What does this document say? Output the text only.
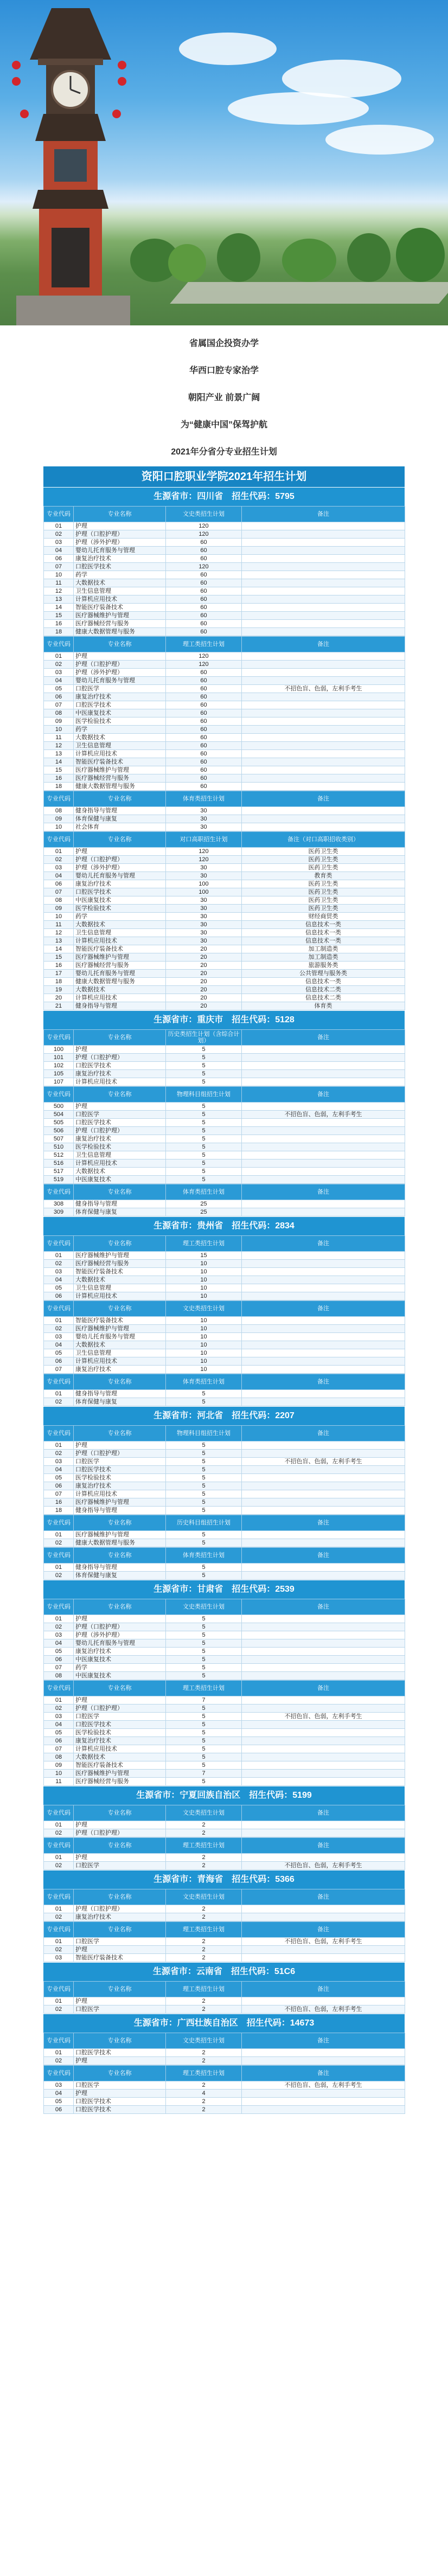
省属国企投资办学
华西口腔专家治学
朝阳产业 前景广阔
为“健康中国”保驾护航
2021年分省分专业招生计划
资阳口腔职业学院2021年招生计划
生源省市：四川省　招生代码：5795
专业代码	专业名称	文史类招生计划	备注
01	护理	120	
02	护理（口腔护理）	120	
03	护理（涉外护理）	60	
04	婴幼儿托育服务与管理	60	
06	康复治疗技术	60	
07	口腔医学技术	120	
10	药学	60	
11	大数据技术	60	
12	卫生信息管理	60	
13	计算机应用技术	60	
14	智能医疗装备技术	60	
15	医疗器械维护与管理	60	
16	医疗器械经营与服务	60	
18	健康大数据管理与服务	60	
专业代码	专业名称	理工类招生计划	备注
01	护理	120	
02	护理（口腔护理）	120	
03	护理（涉外护理）	60	
04	婴幼儿托育服务与管理	60	
05	口腔医学	60	不招色盲、色弱，左利手考生
06	康复治疗技术	60	
07	口腔医学技术	60	
08	中医康复技术	60	
09	医学检验技术	60	
10	药学	60	
11	大数据技术	60	
12	卫生信息管理	60	
13	计算机应用技术	60	
14	智能医疗装备技术	60	
15	医疗器械维护与管理	60	
16	医疗器械经营与服务	60	
18	健康大数据管理与服务	60	
专业代码	专业名称	体育类招生计划	备注
08	健身指导与管理	30	
09	体育保健与康复	30	
10	社会体育	30	
专业代码	专业名称	对口高职招生计划	备注（对口高职招收类别）
01	护理	120	医药卫生类
02	护理（口腔护理）	120	医药卫生类
03	护理（涉外护理）	30	医药卫生类
04	婴幼儿托育服务与管理	30	教育类
06	康复治疗技术	100	医药卫生类
07	口腔医学技术	100	医药卫生类
08	中医康复技术	30	医药卫生类
09	医学检验技术	30	医药卫生类
10	药学	30	财经商贸类
11	大数据技术	30	信息技术一类
12	卫生信息管理	30	信息技术一类
13	计算机应用技术	30	信息技术一类
14	智能医疗装备技术	20	加工制造类
15	医疗器械维护与管理	20	加工制造类
16	医疗器械经营与服务	20	旅游服务类
17	婴幼儿托育服务与管理	20	公共管理与服务类
18	健康大数据管理与服务	20	信息技术一类
19	大数据技术	20	信息技术二类
20	计算机应用技术	20	信息技术二类
21	健身指导与管理	20	体育类
生源省市：重庆市　招生代码：5128
专业代码	专业名称	历史类招生计划（含综合计划）	备注
100	护理	5	
101	护理（口腔护理）	5	
102	口腔医学技术	5	
105	康复治疗技术	5	
107	计算机应用技术	5	
专业代码	专业名称	物理科目组招生计划	备注
500	护理	5	
504	口腔医学	5	不招色盲、色弱，左利手考生
505	口腔医学技术	5	
506	护理（口腔护理）	5	
507	康复治疗技术	5	
510	医学检验技术	5	
512	卫生信息管理	5	
516	计算机应用技术	5	
517	大数据技术	5	
519	中医康复技术	5	
专业代码	专业名称	体育类招生计划	备注
308	健身指导与管理	25	
309	体育保健与康复	25	
生源省市：贵州省　招生代码：2834
专业代码	专业名称	理工类招生计划	备注
01	医疗器械维护与管理	15	
02	医疗器械经营与服务	10	
03	智能医疗装备技术	10	
04	大数据技术	10	
05	卫生信息管理	10	
06	计算机应用技术	10	
专业代码	专业名称	文史类招生计划	备注
01	智能医疗装备技术	10	
02	医疗器械维护与管理	10	
03	婴幼儿托育服务与管理	10	
04	大数据技术	10	
05	卫生信息管理	10	
06	计算机应用技术	10	
07	康复治疗技术	10	
专业代码	专业名称	体育类招生计划	备注
01	健身指导与管理	5	
02	体育保健与康复	5	
生源省市：河北省　招生代码：2207
专业代码	专业名称	物理科目组招生计划	备注
01	护理	5	
02	护理（口腔护理）	5	
03	口腔医学	5	不招色盲、色弱，左利手考生
04	口腔医学技术	5	
05	医学检验技术	5	
06	康复治疗技术	5	
07	计算机应用技术	5	
16	医疗器械维护与管理	5	
18	健身指导与管理	5	
专业代码	专业名称	历史科目组招生计划	备注
01	医疗器械维护与管理	5	
02	健康大数据管理与服务	5	
专业代码	专业名称	体育类招生计划	备注
01	健身指导与管理	5	
02	体育保健与康复	5	
生源省市：甘肃省　招生代码：2539
专业代码	专业名称	文史类招生计划	备注
01	护理	5	
02	护理（口腔护理）	5	
03	护理（涉外护理）	5	
04	婴幼儿托育服务与管理	5	
05	康复治疗技术	5	
06	中医康复技术	5	
07	药学	5	
08	中医康复技术	5	
专业代码	专业名称	理工类招生计划	备注
01	护理	7	
02	护理（口腔护理）	5	
03	口腔医学	5	不招色盲、色弱，左利手考生
04	口腔医学技术	5	
05	医学检验技术	5	
06	康复治疗技术	5	
07	计算机应用技术	5	
08	大数据技术	5	
09	智能医疗装备技术	5	
10	医疗器械维护与管理	7	
11	医疗器械经营与服务	5	
生源省市：宁夏回族自治区　招生代码：5199
专业代码	专业名称	文史类招生计划	备注
01	护理	2	
02	护理（口腔护理）	2	
专业代码	专业名称	理工类招生计划	备注
01	护理	2	
02	口腔医学	2	不招色盲、色弱，左利手考生
生源省市：青海省　招生代码：5366
专业代码	专业名称	文史类招生计划	备注
01	护理（口腔护理）	2	
02	康复治疗技术	2	
专业代码	专业名称	理工类招生计划	备注
01	口腔医学	2	不招色盲、色弱，左利手考生
02	护理	2	
03	智能医疗装备技术	2	
生源省市：云南省　招生代码：51C6
专业代码	专业名称	理工类招生计划	备注
01	护理	2	
02	口腔医学	2	不招色盲、色弱，左利手考生
生源省市：广西壮族自治区　招生代码：14673
专业代码	专业名称	文史类招生计划	备注
01	口腔医学技术	2	
02	护理	2	
专业代码	专业名称	理工类招生计划	备注
03	口腔医学	2	不招色盲、色弱，左利手考生
04	护理	4	
05	口腔医学技术	2	
06	口腔医学技术	2	
